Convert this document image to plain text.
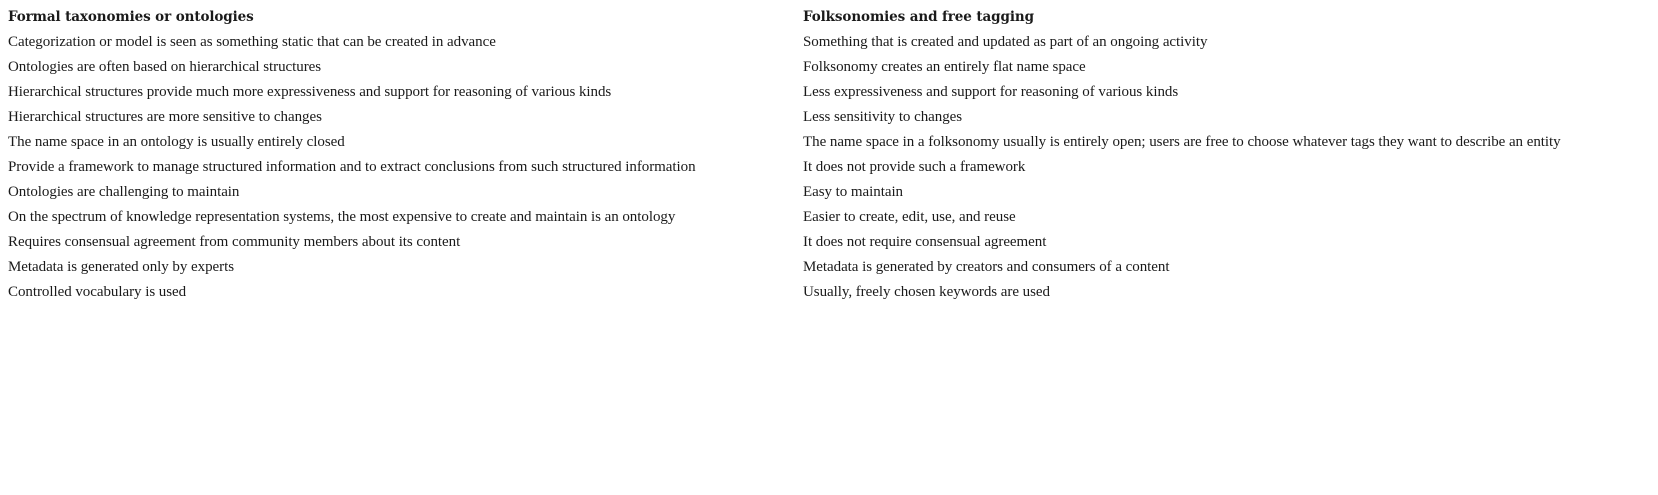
Formal taxonomies or ontologies	Folksonomies and free tagging
Categorization or model is seen as something static that can be created in advance	Something that is created and updated as part of an ongoing activity
Ontologies are often based on hierarchical structures	Folksonomy creates an entirely flat name space
Hierarchical structures provide much more expressiveness and support for reasoning of various kinds	Less expressiveness and support for reasoning of various kinds
Hierarchical structures are more sensitive to changes	Less sensitivity to changes
The name space in an ontology is usually entirely closed	The name space in a folksonomy usually is entirely open; users are free to choose whatever tags they want to describe an entity
Provide a framework to manage structured information and to extract conclusions from such structured information	It does not provide such a framework
Ontologies are challenging to maintain	Easy to maintain
On the spectrum of knowledge representation systems, the most expensive to create and maintain is an ontology	Easier to create, edit, use, and reuse
Requires consensual agreement from community members about its content	It does not require consensual agreement
Metadata is generated only by experts	Metadata is generated by creators and consumers of a content
Controlled vocabulary is used	Usually, freely chosen keywords are used
